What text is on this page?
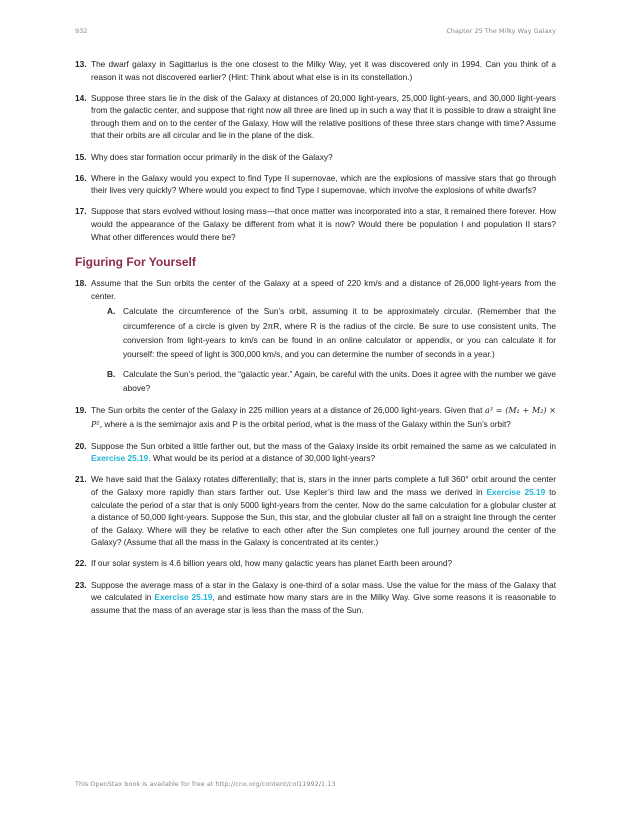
932	Chapter 25 The Milky Way Galaxy
13. The dwarf galaxy in Sagittarius is the one closest to the Milky Way, yet it was discovered only in 1994. Can you think of a reason it was not discovered earlier? (Hint: Think about what else is in its constellation.)
14. Suppose three stars lie in the disk of the Galaxy at distances of 20,000 light-years, 25,000 light-years, and 30,000 light-years from the galactic center, and suppose that right now all three are lined up in such a way that it is possible to draw a straight line through them and on to the center of the Galaxy. How will the relative positions of these three stars change with time? Assume that their orbits are all circular and lie in the plane of the disk.
15. Why does star formation occur primarily in the disk of the Galaxy?
16. Where in the Galaxy would you expect to find Type II supernovae, which are the explosions of massive stars that go through their lives very quickly? Where would you expect to find Type I supernovae, which involve the explosions of white dwarfs?
17. Suppose that stars evolved without losing mass—that once matter was incorporated into a star, it remained there forever. How would the appearance of the Galaxy be different from what it is now? Would there be population I and population II stars? What other differences would there be?
Figuring For Yourself
18. Assume that the Sun orbits the center of the Galaxy at a speed of 220 km/s and a distance of 26,000 light-years from the center.
A. Calculate the circumference of the Sun’s orbit, assuming it to be approximately circular. (Remember that the circumference of a circle is given by 2πR, where R is the radius of the circle. Be sure to use consistent units. The conversion from light-years to km/s can be found in an online calculator or appendix, or you can calculate it for yourself: the speed of light is 300,000 km/s, and you can determine the number of seconds in a year.)
B. Calculate the Sun’s period, the “galactic year.” Again, be careful with the units. Does it agree with the number we gave above?
19. The Sun orbits the center of the Galaxy in 225 million years at a distance of 26,000 light-years. Given that a³ = (M₁ + M₂) × P², where a is the semimajor axis and P is the orbital period, what is the mass of the Galaxy within the Sun’s orbit?
20. Suppose the Sun orbited a little farther out, but the mass of the Galaxy inside its orbit remained the same as we calculated in Exercise 25.19. What would be its period at a distance of 30,000 light-years?
21. We have said that the Galaxy rotates differentially; that is, stars in the inner parts complete a full 360° orbit around the center of the Galaxy more rapidly than stars farther out. Use Kepler’s third law and the mass we derived in Exercise 25.19 to calculate the period of a star that is only 5000 light-years from the center. Now do the same calculation for a globular cluster at a distance of 50,000 light-years. Suppose the Sun, this star, and the globular cluster all fall on a straight line through the center of the Galaxy. Where will they be relative to each other after the Sun completes one full journey around the center of the Galaxy? (Assume that all the mass in the Galaxy is concentrated at its center.)
22. If our solar system is 4.6 billion years old, how many galactic years has planet Earth been around?
23. Suppose the average mass of a star in the Galaxy is one-third of a solar mass. Use the value for the mass of the Galaxy that we calculated in Exercise 25.19, and estimate how many stars are in the Milky Way. Give some reasons it is reasonable to assume that the mass of an average star is less than the mass of the Sun.
This OpenStax book is available for free at http://cnx.org/content/col11992/1.13
